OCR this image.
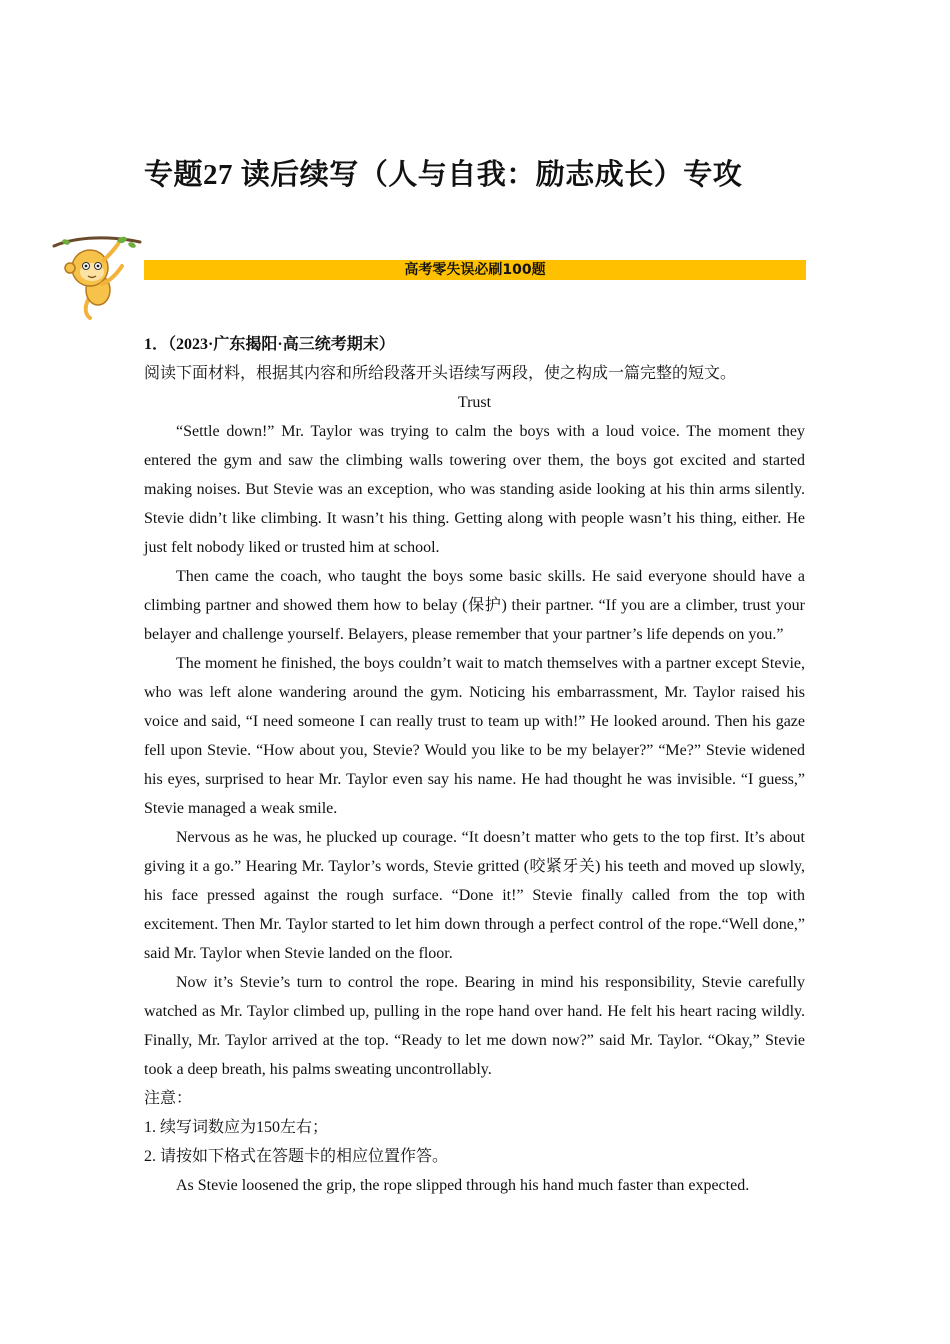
专题27 读后续写（人与自我：励志成长）专攻
高考零失误必刷100题

1．（2023·广东揭阳·高三统考期末）

阅读下面材料，根据其内容和所给段落开头语续写两段，使之构成一篇完整的短文。

Trust

“Settle down!” Mr. Taylor was trying to calm the boys with a loud voice. The moment they entered the gym and saw the climbing walls towering over them, the boys got excited and started making noises. But Stevie was an exception, who was standing aside looking at his thin arms silently. Stevie didn’t like climbing. It wasn’t his thing. Getting along with people wasn’t his thing, either. He just felt nobody liked or trusted him at school.

Then came the coach, who taught the boys some basic skills. He said everyone should have a climbing partner and showed them how to belay (保护) their partner. “If you are a climber, trust your belayer and challenge yourself. Belayers, please remember that your partner’s life depends on you.”

The moment he finished, the boys couldn’t wait to match themselves with a partner except Stevie, who was left alone wandering around the gym. Noticing his embarrassment, Mr. Taylor raised his voice and said, “I need someone I can really trust to team up with!” He looked around. Then his gaze fell upon Stevie. “How about you, Stevie? Would you like to be my belayer?” “Me?” Stevie widened his eyes, surprised to hear Mr. Taylor even say his name. He had thought he was invisible. “I guess,” Stevie managed a weak smile.

Nervous as he was, he plucked up courage. “It doesn’t matter who gets to the top first. It’s about giving it a go.” Hearing Mr. Taylor’s words, Stevie gritted (咬紧牙关) his teeth and moved up slowly, his face pressed against the rough surface. “Done it!” Stevie finally called from the top with excitement. Then Mr. Taylor started to let him down through a perfect control of the rope.“Well done,” said Mr. Taylor when Stevie landed on the floor.

Now it’s Stevie’s turn to control the rope. Bearing in mind his responsibility, Stevie carefully watched as Mr. Taylor climbed up, pulling in the rope hand over hand. He felt his heart racing wildly. Finally, Mr. Taylor arrived at the top. “Ready to let me down now?” said Mr. Taylor. “Okay,” Stevie took a deep breath, his palms sweating uncontrollably.

注意：

1. 续写词数应为150左右；

2. 请按如下格式在答题卡的相应位置作答。

As Stevie loosened the grip, the rope slipped through his hand much faster than expected.
